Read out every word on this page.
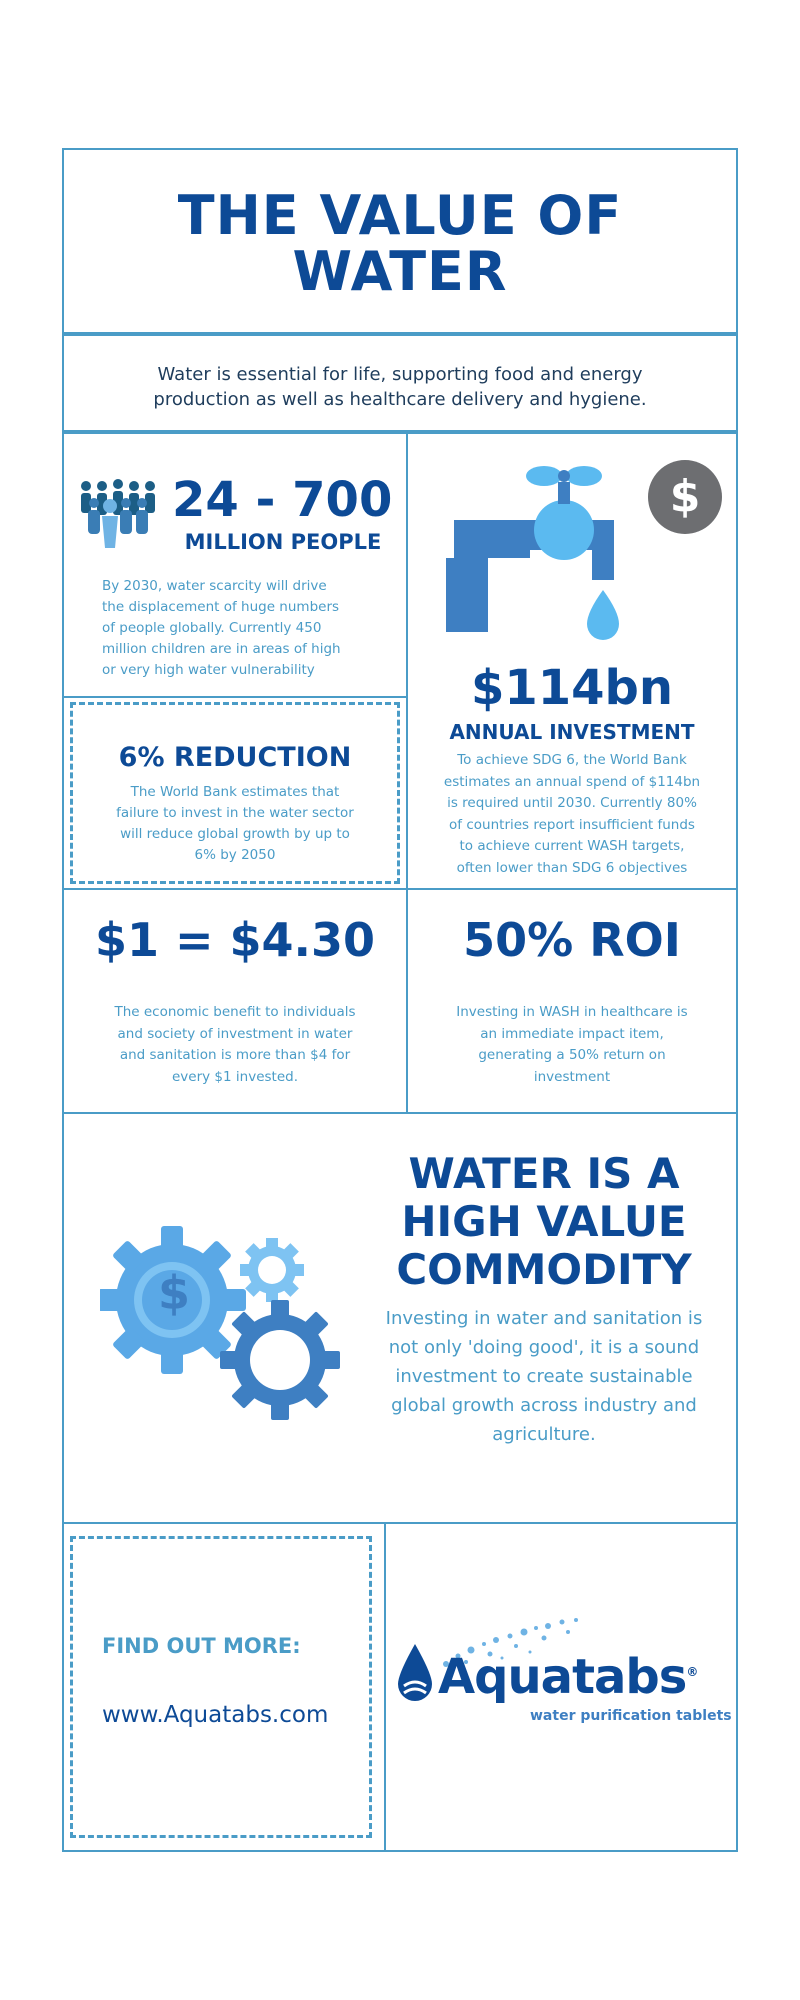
THE VALUE OF
WATER
Water is essential for life, supporting food and energy
production as well as healthcare delivery and hygiene.
24 - 700
MILLION PEOPLE
By 2030, water scarcity will drive
the displacement of huge numbers
of people globally. Currently 450
million children are in areas of high
or very high water vulnerability
6% REDUCTION
The World Bank estimates that
failure to invest in the water sector
will reduce global growth by up to
6% by 2050
$
$114bn
ANNUAL INVESTMENT
To achieve SDG 6, the World Bank
estimates an annual spend of $114bn
is required until 2030. Currently 80%
of countries report insufficient funds
to achieve current WASH targets,
often lower than SDG 6 objectives
$1 = $4.30
The economic benefit to individuals
and society of investment in water
and sanitation is more than $4 for
every $1 invested.
50% ROI
Investing in WASH in healthcare is
an immediate impact item,
generating a 50% return on
investment
$
WATER IS A
HIGH VALUE
COMMODITY
Investing in water and sanitation is
not only 'doing good', it is a sound
investment to create sustainable
global growth across industry and
agriculture.
FIND OUT MORE:
www.Aquatabs.com
Aquatabs®
water purification tablets
